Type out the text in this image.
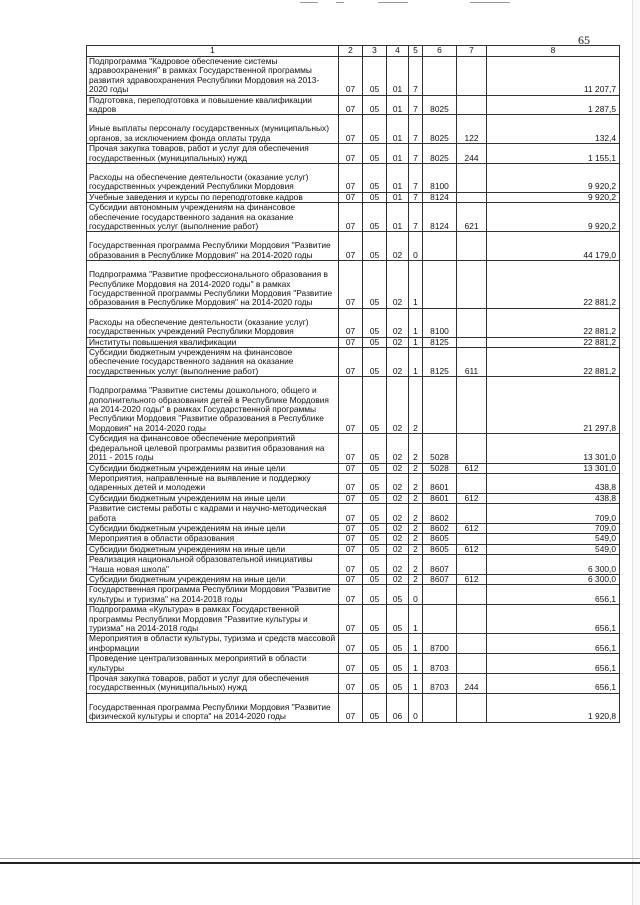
65
1	2	3	4	5	6	7	8
Подпрограмма "Кадровое обеспечение системы здравоохранения" в рамках Государственной программы развития здравоохранения Республики Мордовия на 2013-2020 годы	07	05	01	7			11 207,7
Подготовка, переподготовка и повышение квалификации кадров	07	05	01	7	8025		1 287,5
Иные выплаты персоналу государственных (муниципальных) органов, за исключением фонда оплаты труда	07	05	01	7	8025	122	132,4
Прочая закупка товаров, работ и услуг для обеспечения государственных (муниципальных) нужд	07	05	01	7	8025	244	1 155,1
Расходы на обеспечение деятельности (оказание услуг) государственных учреждений Республики Мордовия	07	05	01	7	8100		9 920,2
Учебные заведения и курсы по переподготовке кадров	07	05	01	7	8124		9 920,2
Субсидии автономным учреждениям на финансовое обеспечение государственного задания на оказание государственных услуг (выполнение работ)	07	05	01	7	8124	621	9 920,2
Государственная программа Республики Мордовия "Развитие образования в Республике Мордовия" на 2014-2020 годы	07	05	02	0			44 179,0
Подпрограмма "Развитие профессионального образования в Республике Мордовия на 2014-2020 годы" в рамках Государственной программы Республики Мордовия "Развитие образования в Республике Мордовия" на 2014-2020 годы	07	05	02	1			22 881,2
Расходы на обеспечение деятельности (оказание услуг) государственных учреждений Республики Мордовия	07	05	02	1	8100		22 881,2
Институты повышения квалификации	07	05	02	1	8125		22 881,2
Субсидии бюджетным учреждениям на финансовое обеспечение государственного задания на оказание государственных услуг (выполнение работ)	07	05	02	1	8125	611	22 881,2
Подпрограмма "Развитие системы дошкольного, общего и дополнительного образования детей в Республике Мордовия на 2014-2020 годы" в рамках Государственной программы Республики Мордовия "Развитие образования в Республике Мордовия" на 2014-2020 годы	07	05	02	2			21 297,8
Субсидия на финансовое обеспечение мероприятий федеральной целевой программы развития образования на 2011 - 2015 годы	07	05	02	2	5028		13 301,0
Субсидии бюджетным учреждениям на иные цели	07	05	02	2	5028	612	13 301,0
Мероприятия, направленные на выявление и поддержку одаренных детей и молодежи	07	05	02	2	8601		438,8
Субсидии бюджетным учреждениям на иные цели	07	05	02	2	8601	612	438,8
Развитие системы работы с кадрами и научно-методическая работа	07	05	02	2	8602		709,0
Субсидии бюджетным учреждениям на иные цели	07	05	02	2	8602	612	709,0
Мероприятия в области образования	07	05	02	2	8605		549,0
Субсидии бюджетным учреждениям на иные цели	07	05	02	2	8605	612	549,0
Реализация национальной образовательной инициативы "Наша новая школа"	07	05	02	2	8607		6 300,0
Субсидии бюджетным учреждениям на иные цели	07	05	02	2	8607	612	6 300,0
Государственная программа Республики Мордовия "Развитие культуры и туризма" на 2014-2018 годы	07	05	05	0			656,1
Подпрограмма «Культура» в рамках Государственной программы Республики Мордовия "Развитие культуры и туризма" на 2014-2018 годы	07	05	05	1			656,1
Мероприятия в области культуры, туризма и средств массовой информации	07	05	05	1	8700		656,1
Проведение централизованных мероприятий в области культуры	07	05	05	1	8703		656,1
Прочая закупка товаров, работ и услуг для обеспечения государственных (муниципальных) нужд	07	05	05	1	8703	244	656,1
Государственная программа Республики Мордовия "Развитие физической культуры и спорта" на 2014-2020 годы	07	05	06	0			1 920,8
